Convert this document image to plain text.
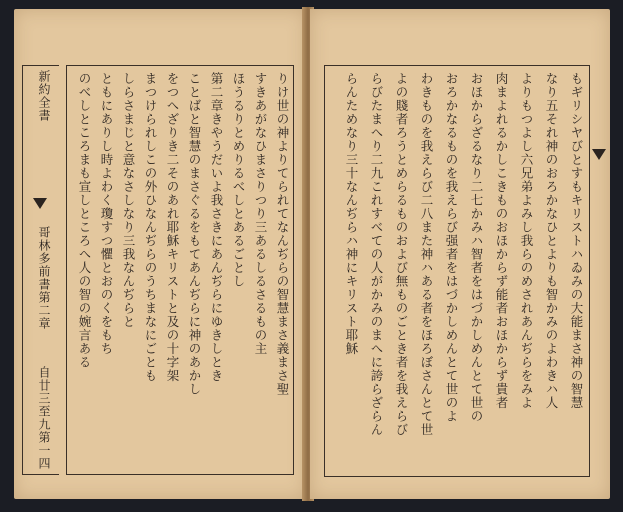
新約全書
哥林多前書第二章
自廿三至九第一四
りけ世の神よりてられてなんぢらの智慧まさ義まさ聖
すきあがなひまさりつり三あるしるさるもの主
ほうるりとめりるべしとあるごとし
第二章きやうだいよ我さきにあんぢらにゆきしとき
ことばと智慧のまさぐるをもてあんぢらに神のあかし
をつへざりき二そのあれ耶穌キリストと及の十字架
まつけられしこの外ひなんぢらのうちまなにごとも
しらさまじと意なさしなり三我なんぢらと
ともにありし時よわく瓊すつ懼とおのくをもち
のべしところまも宣しところへ人の智の婉言ある	もギリシヤびとすもキリストハゐみの大能まさ神の智慧
なり五それ神のおろかなひとよりも智かみのよわきハ人
よりもつよし六兄弟よみし我らのめされあんぢらをみよ
肉まよれるかしこきものおほからず能者おほからず貴者
おほからざるなり二七かみハ智者をはづかしめんとて世の
おろかなるものを我えらび强者をはづかしめんとて世のよ
わきものを我えらび二八また神ハある者をほろぼさんとて世
よの賤者ろうとめらるものおよび無ものごとき者を我えらび
らびたまへり二九これすべての人がかみのまへに誇らざらん
らんためなり三十なんぢらハ神にキリスト耶穌
